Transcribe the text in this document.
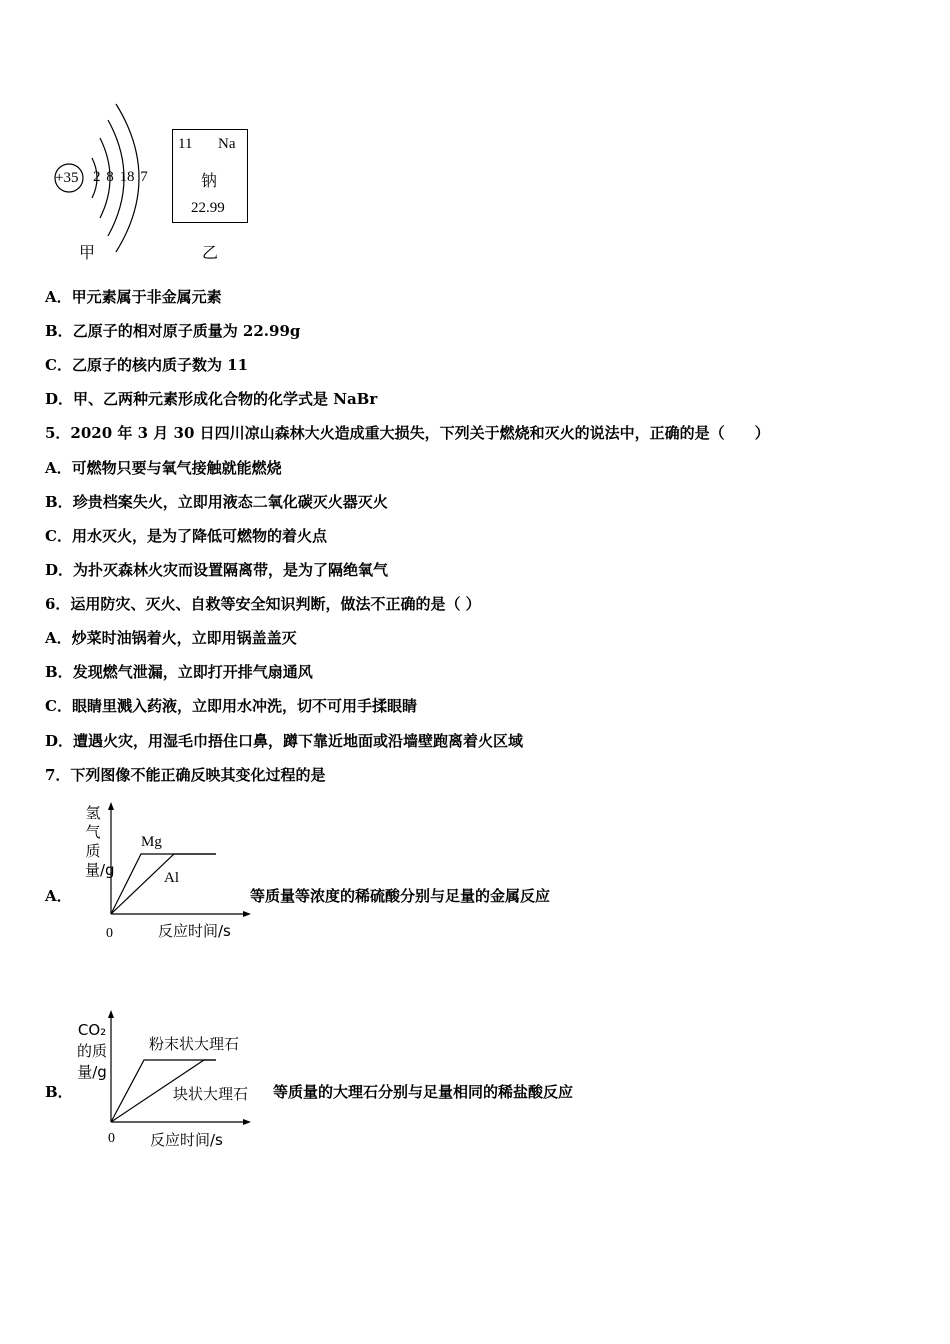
+35 2 8 18 7
甲
11 Na
钠
22.99
乙
A．甲元素属于非金属元素
B．乙原子的相对原子质量为 22.99g
C．乙原子的核内质子数为 11
D．甲、乙两种元素形成化合物的化学式是 NaBr
5．2020 年 3 月 30 日四川凉山森林大火造成重大损失，下列关于燃烧和灭火的说法中，正确的是（　　）
A．可燃物只要与氧气接触就能燃烧
B．珍贵档案失火，立即用液态二氧化碳灭火器灭火
C．用水灭火，是为了降低可燃物的着火点
D．为扑灭森林火灾而设置隔离带，是为了隔绝氧气
6．运用防灾、灭火、自救等安全知识判断，做法不正确的是（ ）
A．炒菜时油锅着火，立即用锅盖盖灭
B．发现燃气泄漏，立即打开排气扇通风
C．眼睛里溅入药液，立即用水冲洗，切不可用手揉眼睛
D．遭遇火灾，用湿毛巾捂住口鼻，蹲下靠近地面或沿墙壁跑离着火区域
7．下列图像不能正确反映其变化过程的是
A．
氢气质量/g
0	反应时间/s
Mg
Al
等质量等浓度的稀硫酸分别与足量的金属反应
B．
CO₂的质量/g
0 反应时间/s
粉末状大理石
块状大理石 等质量的大理石分别与足量相同的稀盐酸反应
